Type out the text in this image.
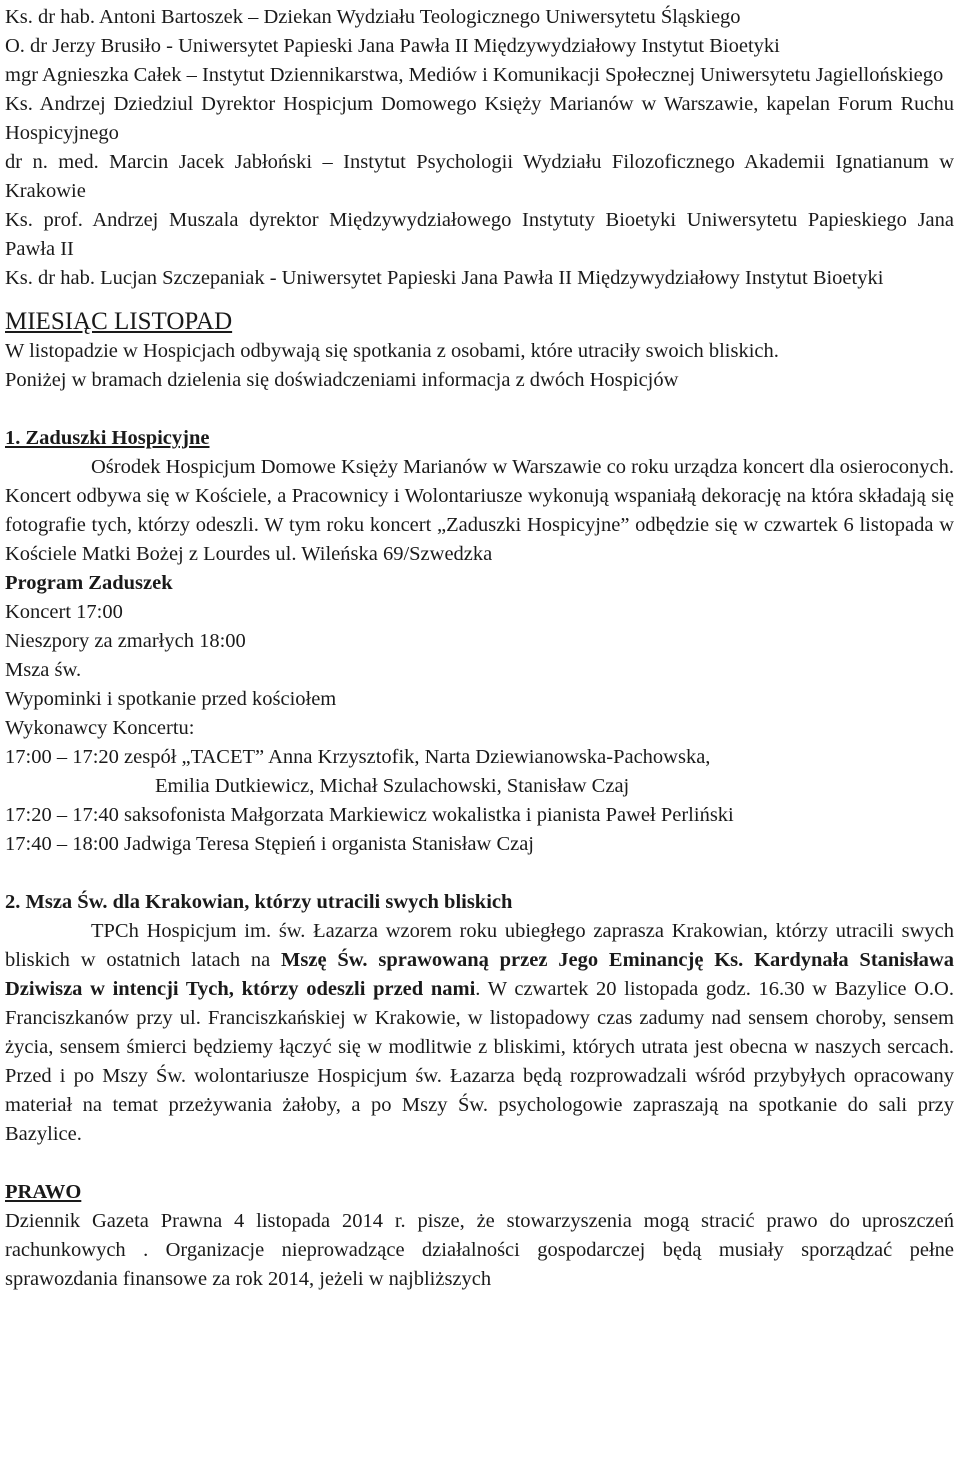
Ks. dr hab. Antoni Bartoszek – Dziekan Wydziału Teologicznego Uniwersytetu Śląskiego

O. dr Jerzy Brusiło - Uniwersytet Papieski Jana Pawła II Międzywydziałowy Instytut Bioetyki

mgr Agnieszka Całek – Instytut Dziennikarstwa, Mediów i Komunikacji Społecznej Uniwersytetu Jagiellońskiego

Ks. Andrzej Dziedziul Dyrektor Hospicjum Domowego Księży Marianów w Warszawie, kapelan Forum Ruchu Hospicyjnego

dr n. med. Marcin Jacek Jabłoński – Instytut Psychologii Wydziału Filozoficznego Akademii Ignatianum w Krakowie

Ks. prof. Andrzej Muszala dyrektor Międzywydziałowego Instytuty Bioetyki Uniwersytetu Papieskiego Jana Pawła II

Ks. dr hab. Lucjan Szczepaniak - Uniwersytet Papieski Jana Pawła II Międzywydziałowy Instytut Bioetyki

MIESIĄC LISTOPAD

W listopadzie w Hospicjach odbywają się spotkania z osobami, które utraciły swoich bliskich.

Poniżej w bramach dzielenia się doświadczeniami informacja z dwóch Hospicjów

1. Zaduszki Hospicyjne

Ośrodek Hospicjum Domowe Księży Marianów w Warszawie co roku urządza koncert dla osieroconych. Koncert odbywa się w Kościele, a Pracownicy i Wolontariusze wykonują wspaniałą dekorację na która składają się fotografie tych, którzy odeszli. W tym roku koncert „Zaduszki Hospicyjne” odbędzie się w czwartek 6 listopada w Kościele Matki Bożej z Lourdes ul. Wileńska 69/Szwedzka

Program Zaduszek

Koncert 17:00

Nieszpory za zmarłych 18:00

Msza św.

Wypominki i spotkanie przed kościołem

Wykonawcy Koncertu:

17:00 – 17:20 zespół „TACET” Anna Krzysztofik, Narta Dziewianowska-Pachowska,

Emilia Dutkiewicz, Michał Szulachowski, Stanisław Czaj

17:20 – 17:40 saksofonista Małgorzata Markiewicz wokalistka i pianista Paweł Perliński

17:40 – 18:00 Jadwiga Teresa Stępień i organista Stanisław Czaj

2. Msza Św. dla Krakowian, którzy utracili swych bliskich

TPCh Hospicjum im. św. Łazarza wzorem roku ubiegłego zaprasza Krakowian, którzy utracili swych bliskich w ostatnich latach na Mszę Św. sprawowaną przez Jego Eminancję Ks. Kardynała Stanisława Dziwisza w intencji Tych, którzy odeszli przed nami. W czwartek 20 listopada godz. 16.30 w Bazylice O.O. Franciszkanów przy ul. Franciszkańskiej w Krakowie, w listopadowy czas zadumy nad sensem choroby, sensem życia, sensem śmierci będziemy łączyć się w modlitwie z bliskimi, których utrata jest obecna w naszych sercach. Przed i po Mszy Św. wolontariusze Hospicjum św. Łazarza będą rozprowadzali wśród przybyłych opracowany materiał na temat przeżywania żałoby, a po Mszy Św. psychologowie zapraszają na spotkanie do sali przy Bazylice.

PRAWO

Dziennik Gazeta Prawna 4 listopada 2014 r. pisze, że stowarzyszenia mogą stracić prawo do uproszczeń rachunkowych . Organizacje nieprowadzące działalności gospodarczej będą musiały sporządzać pełne sprawozdania finansowe za rok 2014, jeżeli w najbliższych
